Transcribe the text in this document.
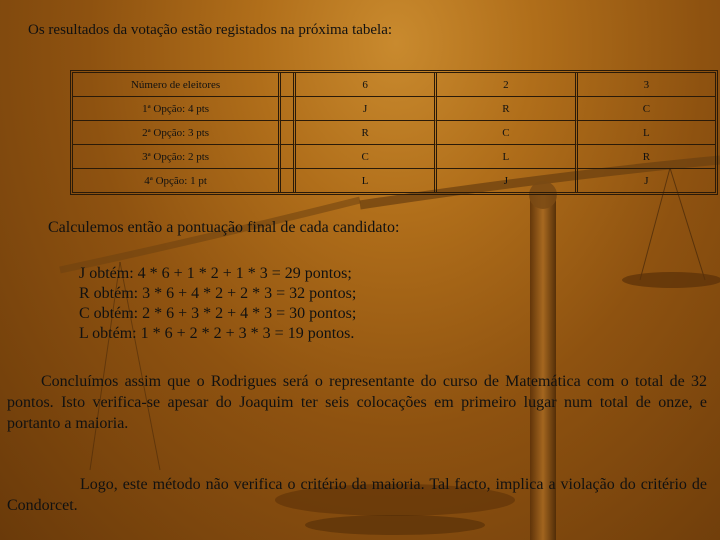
Os resultados da votação estão registados na próxima tabela:
Número de eleitores		6	2	3
1ª Opção: 4 pts		J	R	C
2ª Opção: 3 pts		R	C	L
3ª Opção: 2 pts		C	L	R
4ª Opção: 1 pt		L	J	J
Calculemos então a pontuação final de cada candidato:
J obtém: 4 * 6 + 1 * 2 + 1 * 3 = 29 pontos;
R obtém: 3 * 6 + 4 * 2 + 2 * 3 = 32 pontos;
C obtém: 2 * 6 + 3 * 2 + 4 * 3 = 30 pontos;
L obtém: 1 * 6 + 2 * 2 + 3 * 3 = 19 pontos.
Concluímos assim que o Rodrigues será o representante do curso de Matemática com o total de 32 pontos. Isto verifica-se apesar do Joaquim ter seis colocações em primeiro lugar num total de onze, e portanto a maioria.
Logo, este método não verifica o critério da maioria. Tal facto, implica a violação do critério de Condorcet.
